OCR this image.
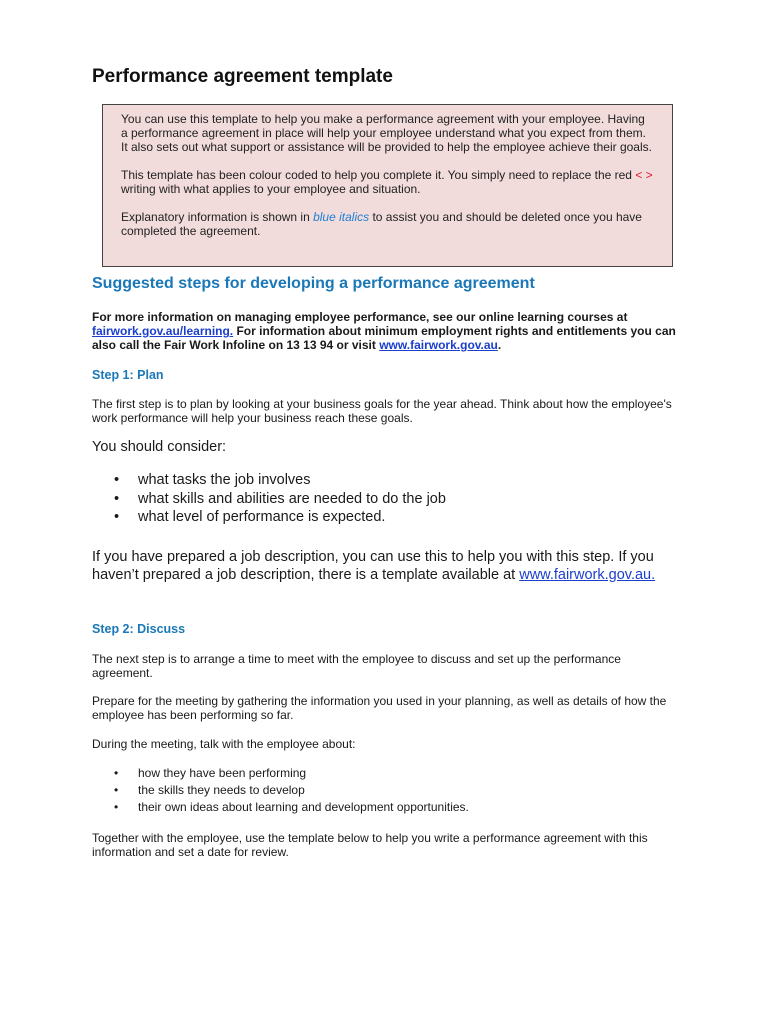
Performance agreement template

You can use this template to help you make a performance agreement with your employee. Having a performance agreement in place will help your employee understand what you expect from them. It also sets out what support or assistance will be provided to help the employee achieve their goals.

This template has been colour coded to help you complete it. You simply need to replace the red < > writing with what applies to your employee and situation.

Explanatory information is shown in blue italics to assist you and should be deleted once you have completed the agreement.

Suggested steps for developing a performance agreement

For more information on managing employee performance, see our online learning courses at fairwork.gov.au/learning. For information about minimum employment rights and entitlements you can also call the Fair Work Infoline on 13 13 94 or visit www.fairwork.gov.au.

Step 1: Plan

The first step is to plan by looking at your business goals for the year ahead. Think about how the employee's work performance will help your business reach these goals.

You should consider:

• what tasks the job involves
• what skills and abilities are needed to do the job
• what level of performance is expected.

If you have prepared a job description, you can use this to help you with this step. If you haven’t prepared a job description, there is a template available at www.fairwork.gov.au.

Step 2: Discuss

The next step is to arrange a time to meet with the employee to discuss and set up the performance agreement.

Prepare for the meeting by gathering the information you used in your planning, as well as details of how the employee has been performing so far.

During the meeting, talk with the employee about:

• how they have been performing
• the skills they needs to develop
• their own ideas about learning and development opportunities.

Together with the employee, use the template below to help you write a performance agreement with this information and set a date for review.
